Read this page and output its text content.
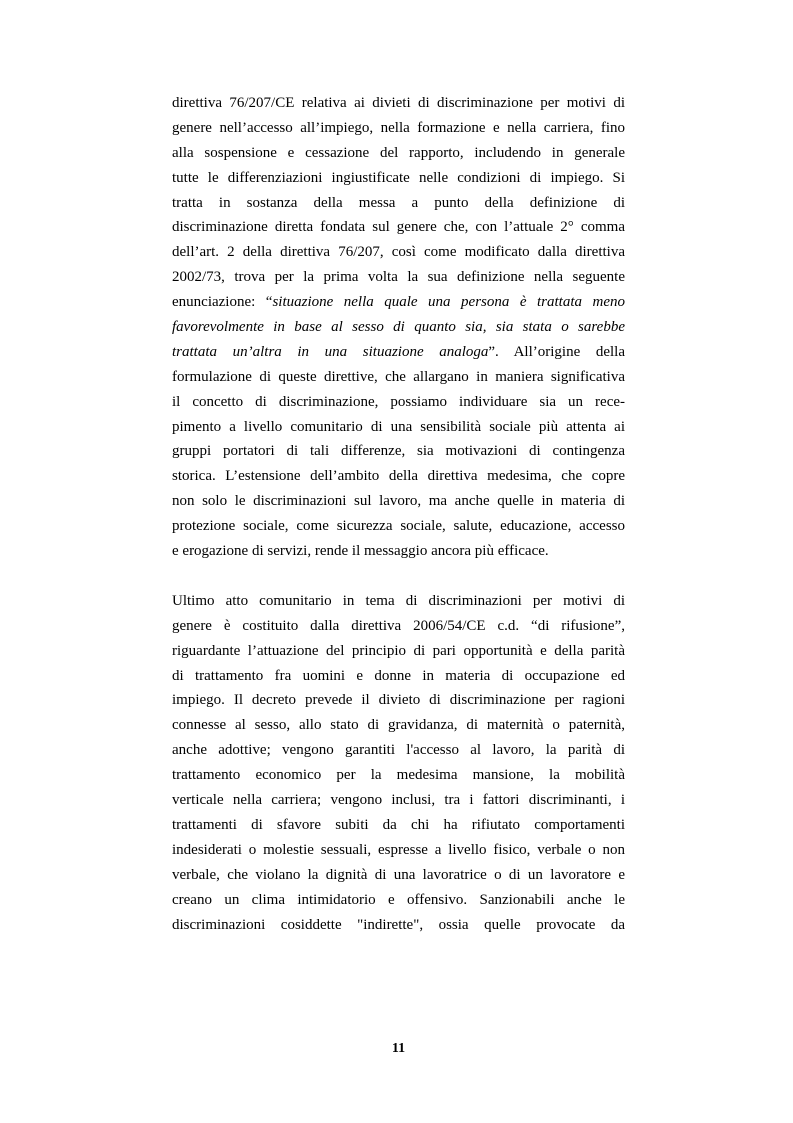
direttiva 76/207/CE relativa ai divieti di discriminazione per motivi di
genere nell’accesso all’impiego, nella formazione e nella carriera, fino
alla sospensione e cessazione del rapporto, includendo in generale
tutte le differenziazioni ingiustificate nelle condizioni di impiego. Si
tratta in sostanza della messa a punto della definizione di
discriminazione diretta fondata sul genere che, con l’attuale 2° comma
dell’art. 2 della direttiva 76/207, così come modificato dalla direttiva
2002/73, trova per la prima volta la sua definizione nella seguente
enunciazione: “situazione nella quale una persona è trattata meno
favorevolmente in base al sesso di quanto sia, sia stata o sarebbe
trattata un’altra in una situazione analoga”. All’origine della
formulazione di queste direttive, che allargano in maniera significativa
il concetto di discriminazione, possiamo individuare sia un rece-
pimento a livello comunitario di una sensibilità sociale più attenta ai
gruppi portatori di tali differenze, sia motivazioni di contingenza
storica. L’estensione dell’ambito della direttiva medesima, che copre
non solo le discriminazioni sul lavoro, ma anche quelle in materia di
protezione sociale, come sicurezza sociale, salute, educazione, accesso
e erogazione di servizi, rende il messaggio ancora più efficace.

Ultimo atto comunitario in tema di discriminazioni per motivi di
genere è costituito dalla direttiva 2006/54/CE c.d. “di rifusione”,
riguardante l’attuazione del principio di pari opportunità e della parità
di trattamento fra uomini e donne in materia di occupazione ed
impiego. Il decreto prevede il divieto di discriminazione per ragioni
connesse al sesso, allo stato di gravidanza, di maternità o paternità,
anche adottive; vengono garantiti l'accesso al lavoro, la parità di
trattamento economico per la medesima mansione, la mobilità
verticale nella carriera; vengono inclusi, tra i fattori discriminanti, i
trattamenti di sfavore subiti da chi ha rifiutato comportamenti
indesiderati o molestie sessuali, espresse a livello fisico, verbale o non
verbale, che violano la dignità di una lavoratrice o di un lavoratore e
creano un clima intimidatorio e offensivo. Sanzionabili anche le
discriminazioni cosiddette "indirette", ossia quelle provocate da

11
